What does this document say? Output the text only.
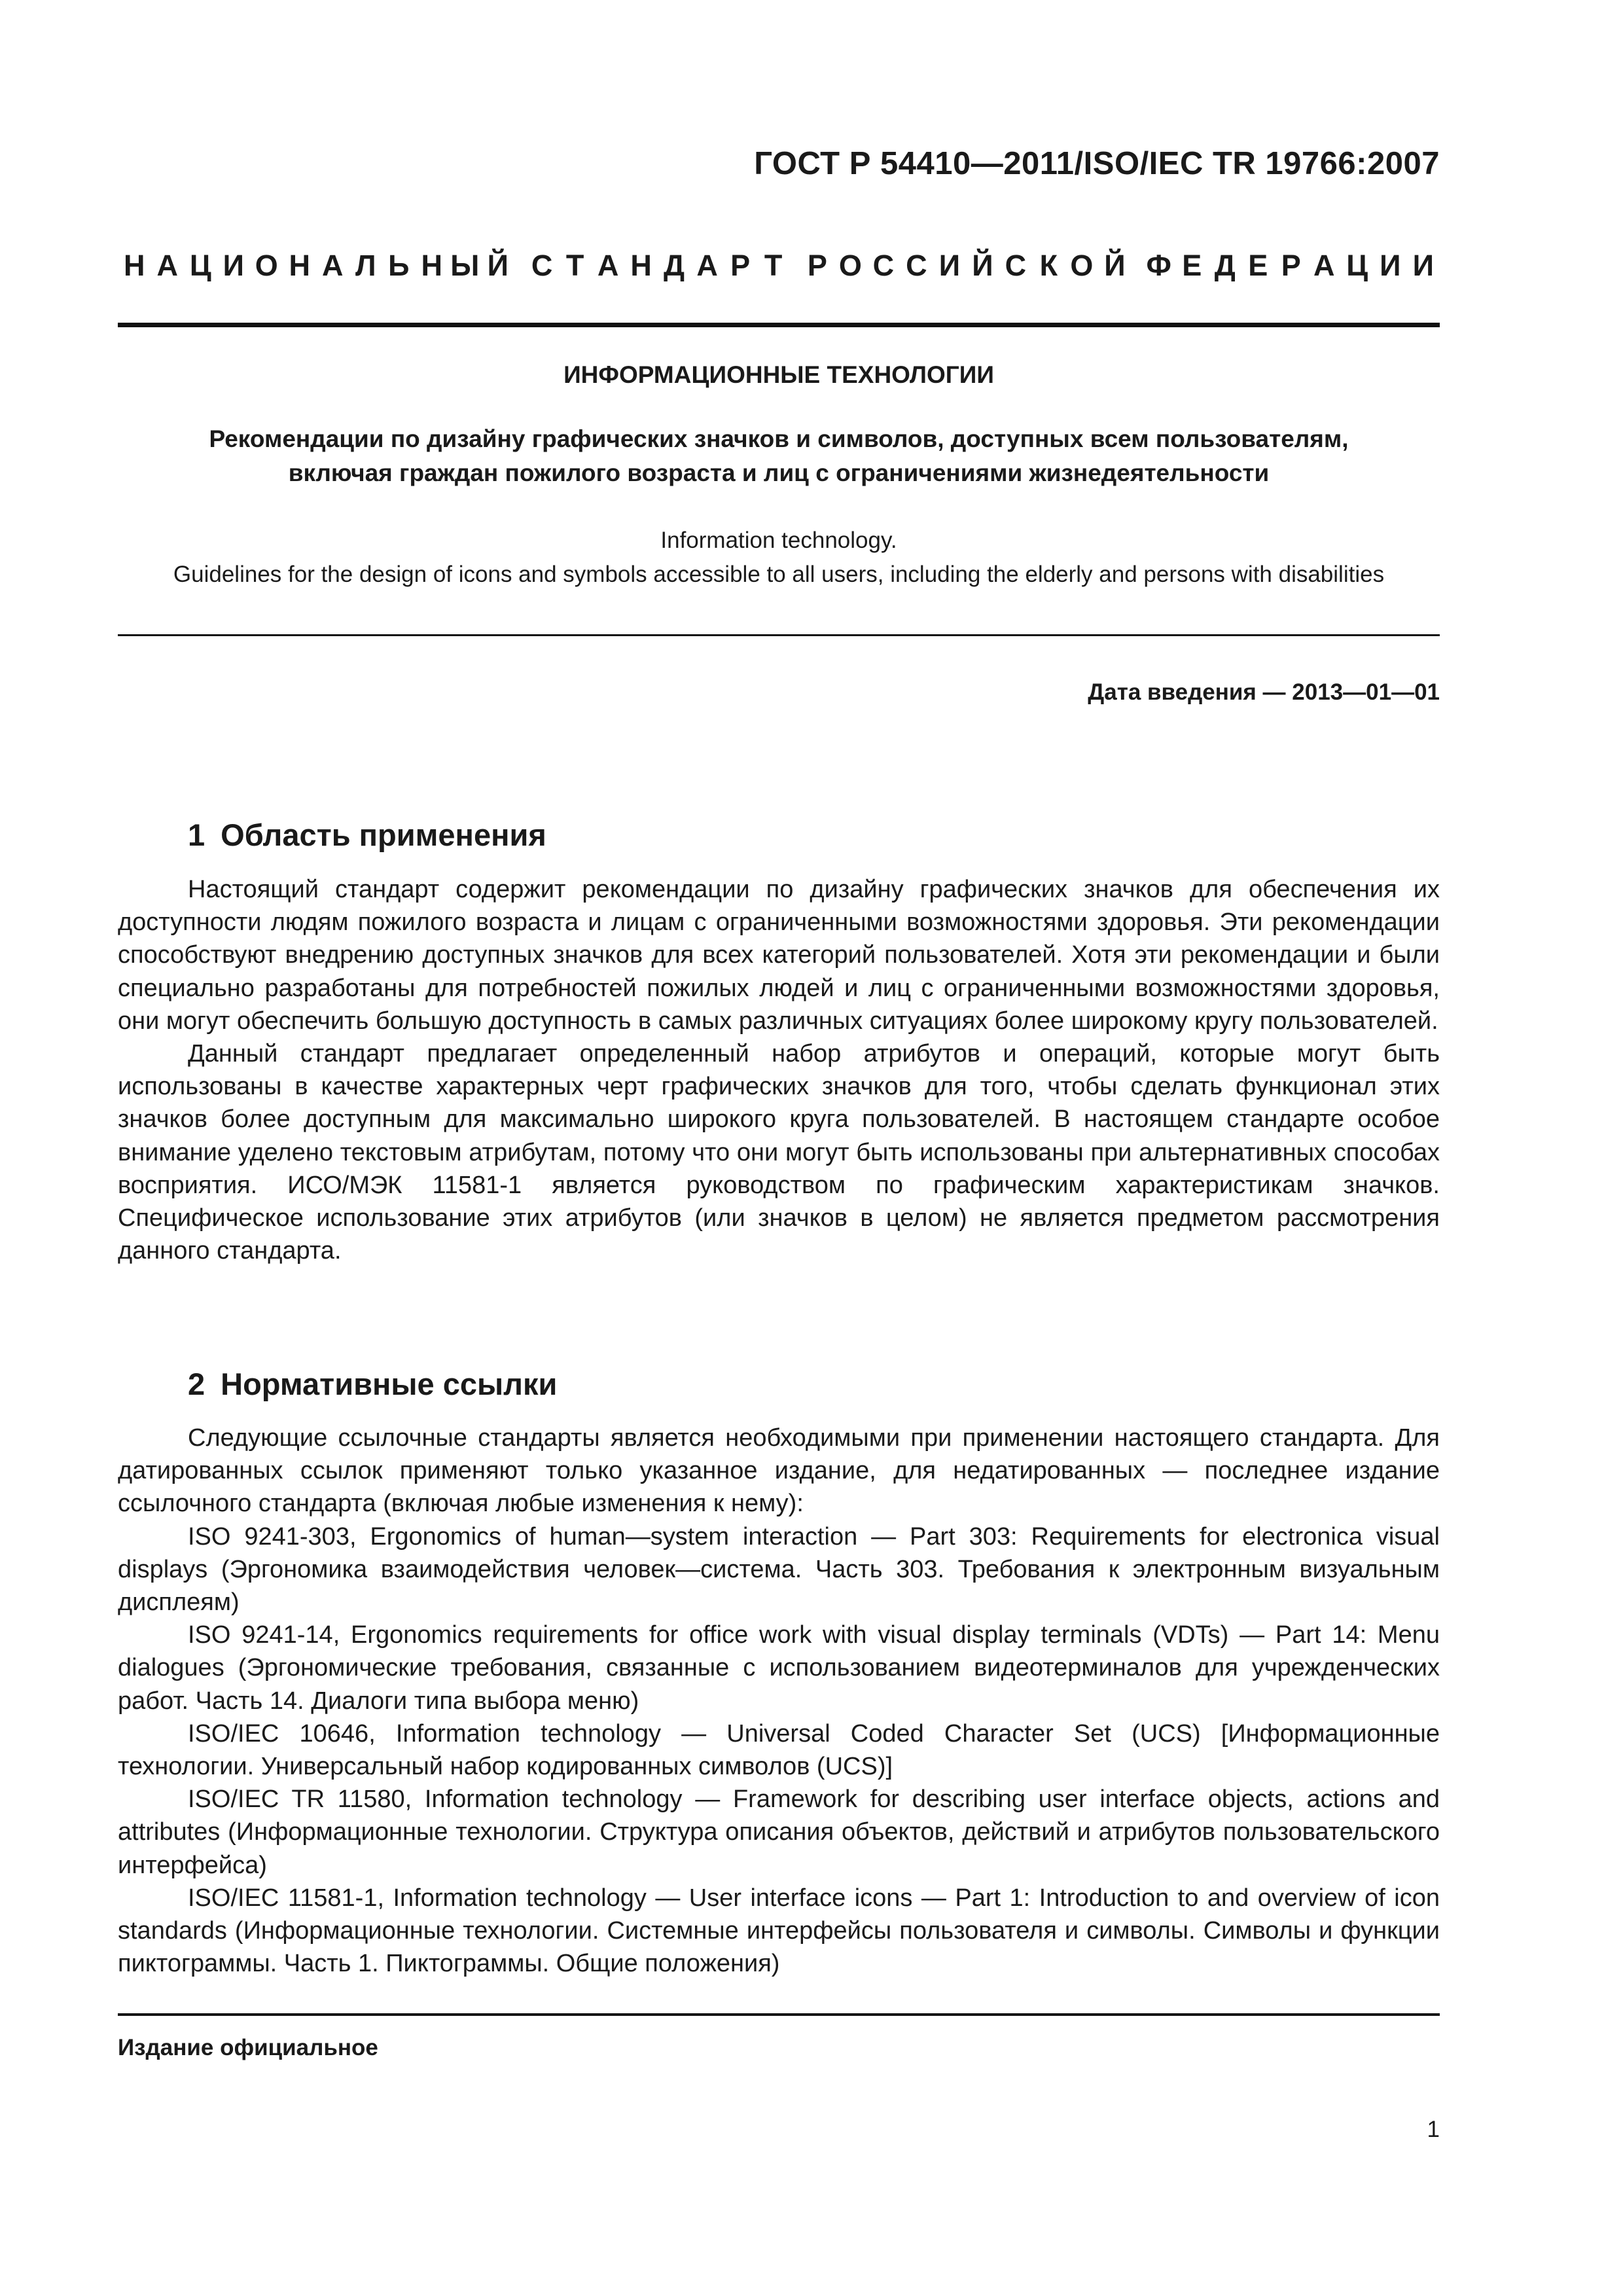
ГОСТ Р 54410—2011/ISO/IEC TR 19766:2007
Н А Ц И О Н А Л Ь Н Ы Й С Т А Н Д А Р Т Р О С С И Й С К О Й Ф Е Д Е Р А Ц И И
ИНФОРМАЦИОННЫЕ ТЕХНОЛОГИИ
Рекомендации по дизайну графических значков и символов, доступных всем пользователям,
включая граждан пожилого возраста и лиц с ограничениями жизнедеятельности
Information technology.
Guidelines for the design of icons and symbols accessible to all users, including the elderly and persons with disabilities
Дата введения — 2013—01—01
1 Область применения

Настоящий стандарт содержит рекомендации по дизайну графических значков для обеспечения их доступности людям пожилого возраста и лицам с ограниченными возможностями здоровья. Эти рекомендации способствуют внедрению доступных значков для всех категорий пользователей. Хотя эти рекомендации и были специально разработаны для потребностей пожилых людей и лиц с ограниченными возможностями здоровья, они могут обеспечить большую доступность в самых различных ситуациях более широкому кругу пользователей.

Данный стандарт предлагает определенный набор атрибутов и операций, которые могут быть использованы в качестве характерных черт графических значков для того, чтобы сделать функционал этих значков более доступным для максимально широкого круга пользователей. В настоящем стандарте особое внимание уделено текстовым атрибутам, потому что они могут быть использованы при альтернативных способах восприятия. ИСО/МЭК 11581-1 является руководством по графическим характеристикам значков. Специфическое использование этих атрибутов (или значков в целом) не является предметом рассмотрения данного стандарта.

2 Нормативные ссылки

Следующие ссылочные стандарты является необходимыми при применении настоящего стандарта. Для датированных ссылок применяют только указанное издание, для недатированных — последнее издание ссылочного стандарта (включая любые изменения к нему):

ISO 9241-303, Ergonomics of human—system interaction — Part 303: Requirements for electronica visual displays (Эргономика взаимодействия человек—система. Часть 303. Требования к электронным визуальным дисплеям)

ISO 9241-14, Ergonomics requirements for office work with visual display terminals (VDTs) — Part 14: Menu dialogues (Эргономические требования, связанные с использованием видеотерминалов для учрежденческих работ. Часть 14. Диалоги типа выбора меню)

ISO/IEC 10646, Information technology — Universal Coded Character Set (UCS) [Информационные технологии. Универсальный набор кодированных символов (UCS)]

ISO/IEC TR 11580, Information technology — Framework for describing user interface objects, actions and attributes (Информационные технологии. Структура описания объектов, действий и атрибутов пользовательского интерфейса)

ISO/IEC 11581-1, Information technology — User interface icons — Part 1: Introduction to and overview of icon standards (Информационные технологии. Системные интерфейсы пользователя и символы. Символы и функции пиктограммы. Часть 1. Пиктограммы. Общие положения)

Издание официальное
1
